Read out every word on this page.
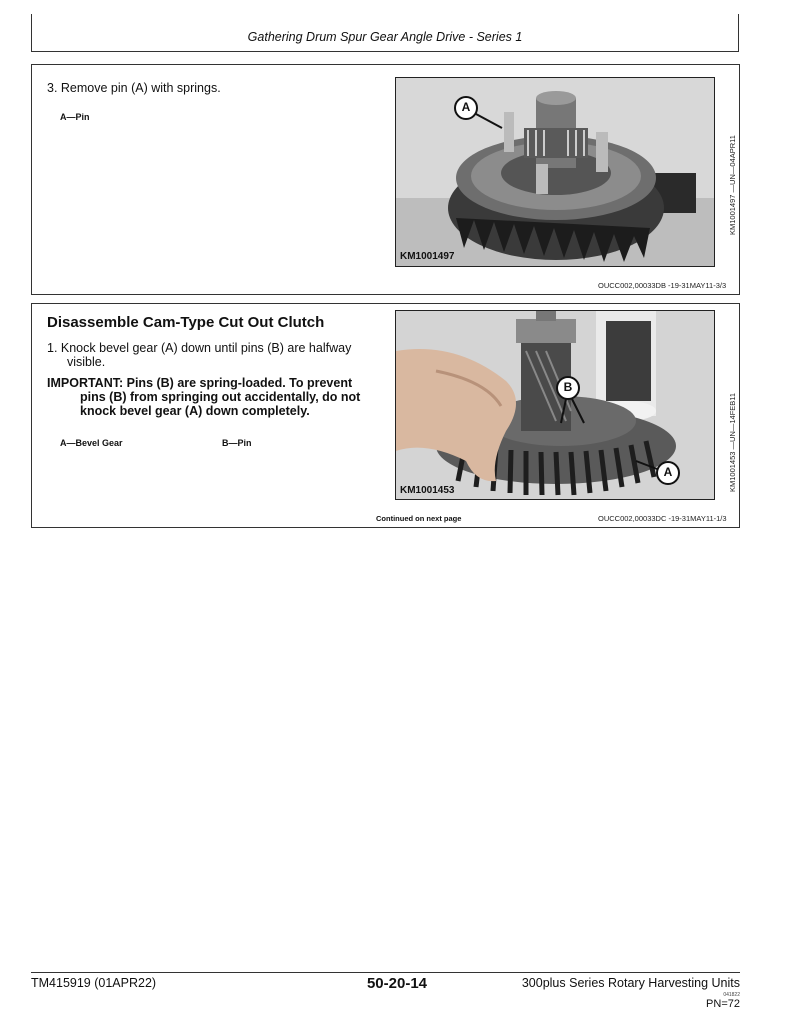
Gathering Drum Spur Gear Angle Drive - Series 1
3. Remove pin (A) with springs.
A—Pin
KM1001497
A
KM1001497 —UN—04APR11
OUCC002,00033DB -19-31MAY11-3/3
Disassemble Cam-Type Cut Out Clutch
1. Knock bevel gear (A) down until pins (B) are halfway
visible.
IMPORTANT: Pins (B) are spring-loaded. To prevent
pins (B) from springing out accidentally, do not
knock bevel gear (A) down completely.
A—Bevel Gear	B—Pin
KM1001453
B
A	KM1001453 —UN—14FEB11
Continued on next page	OUCC002,00033DC -19-31MAY11-1/3
TM415919 (01APR22)	50-20-14	300plus Series Rotary Harvesting Units
041822
PN=72
